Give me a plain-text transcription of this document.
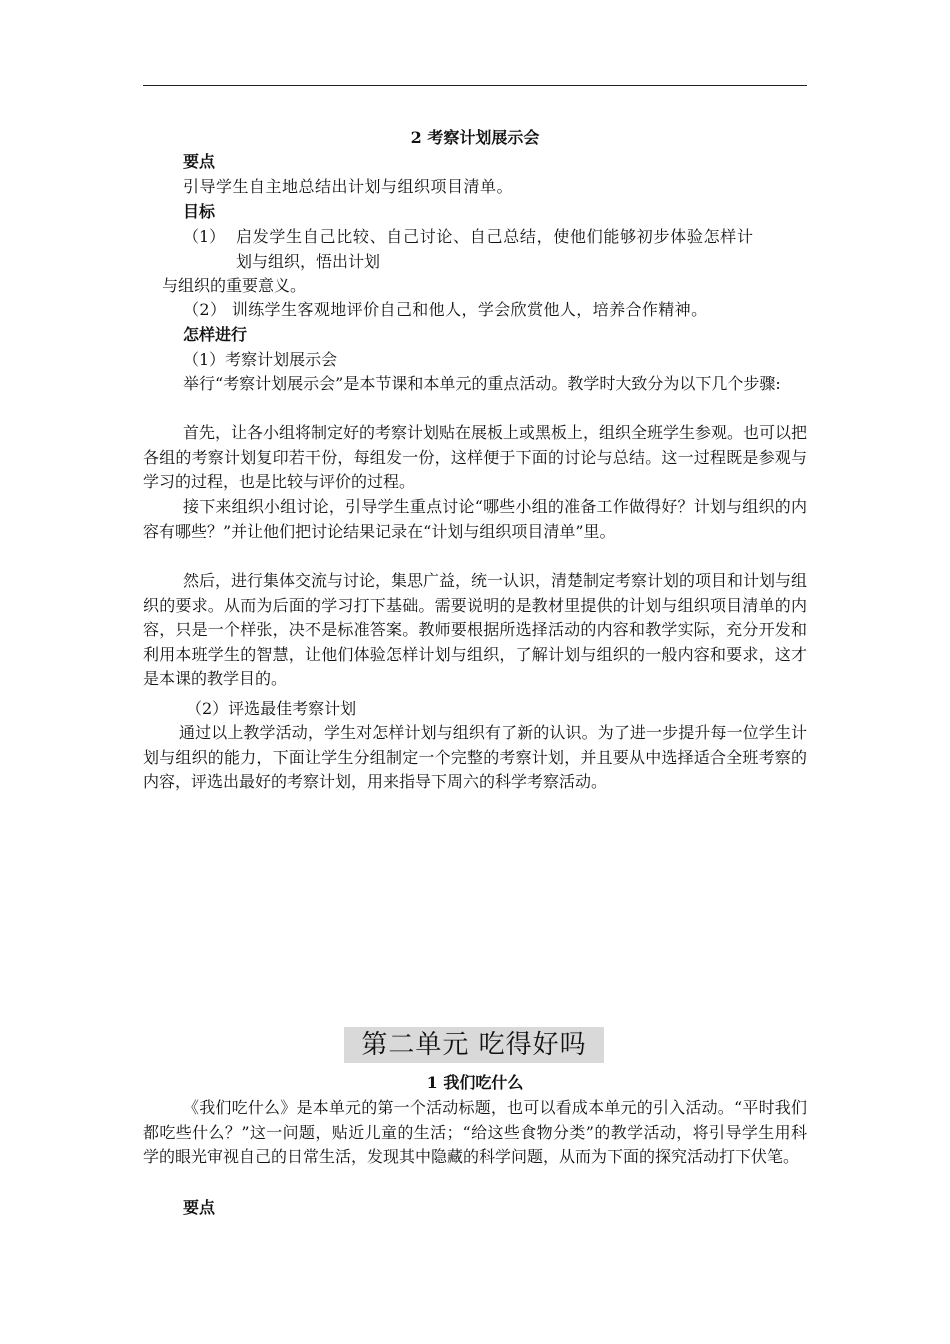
2 考察计划展示会
要点
引导学生自主地总结出计划与组织项目清单。
目标
（1） 启发学生自己比较、自己讨论、自己总结，使他们能够初步体验怎样计
划与组织，悟出计划
与组织的重要意义。
（2） 训练学生客观地评价自己和他人，学会欣赏他人，培养合作精神。
怎样进行
（1）考察计划展示会
举行“考察计划展示会”是本节课和本单元的重点活动。教学时大致分为以下几个步骤:
首先，让各小组将制定好的考察计划贴在展板上或黑板上，组织全班学生参观。也可以把各组的考察计划复印若干份，每组发一份，这样便于下面的讨论与总结。这一过程既是参观与学习的过程，也是比较与评价的过程。
接下来组织小组讨论，引导学生重点讨论“哪些小组的准备工作做得好？计划与组织的内容有哪些？”并让他们把讨论结果记录在“计划与组织项目清单”里。
然后，进行集体交流与讨论，集思广益，统一认识，清楚制定考察计划的项目和计划与组织的要求。从而为后面的学习打下基础。需要说明的是教材里提供的计划与组织项目清单的内容，只是一个样张，决不是标准答案。教师要根据所选择活动的内容和教学实际，充分开发和利用本班学生的智慧，让他们体验怎样计划与组织，了解计划与组织的一般内容和要求，这才是本课的教学目的。
（2）评选最佳考察计划
通过以上教学活动，学生对怎样计划与组织有了新的认识。为了进一步提升每一位学生计划与组织的能力，下面让学生分组制定一个完整的考察计划，并且要从中选择适合全班考察的内容，评选出最好的考察计划，用来指导下周六的科学考察活动。
第二单元 吃得好吗
1 我们吃什么
《我们吃什么》是本单元的第一个活动标题，也可以看成本单元的引入活动。“平时我们都吃些什么？”这一问题，贴近儿童的生活；“给这些食物分类”的教学活动，将引导学生用科学的眼光审视自己的日常生活，发现其中隐藏的科学问题，从而为下面的探究活动打下伏笔。
要点
